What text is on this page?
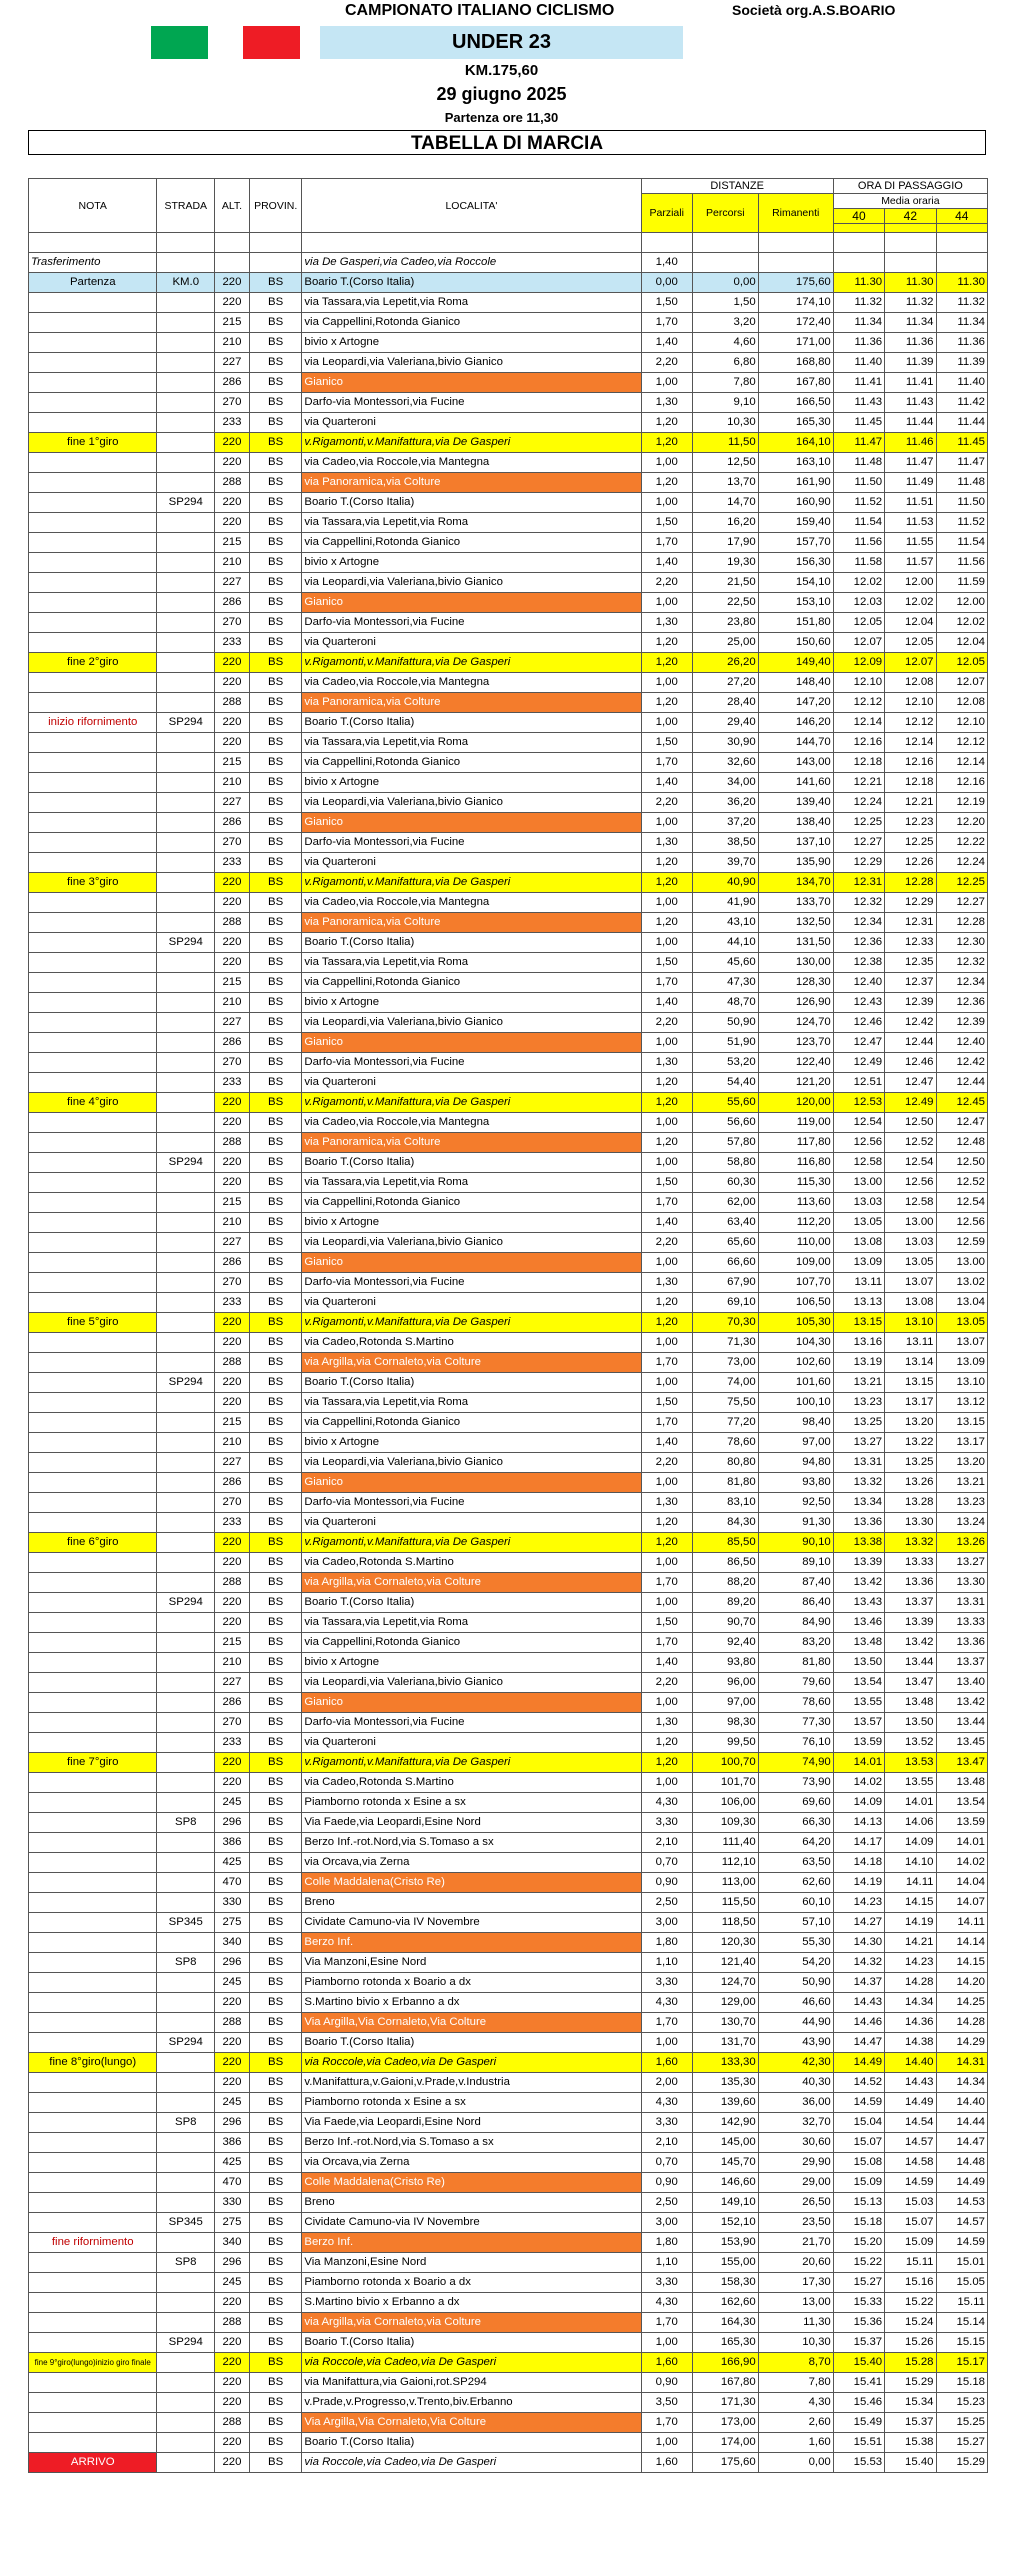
CAMPIONATO ITALIANO CICLISMO	Società org.A.S.BOARIO
UNDER 23
KM.175,60
29 giugno 2025
Partenza ore 11,30
TABELLA DI MARCIA
NOTA	STRADA	ALT.	PROVIN.	LOCALITA'	DISTANZE			ORA DI PASSAGGIO		
					Parziali	Percorsi	Rimanenti	Media oraria		
								40	42	44

Trasferimento				via De Gasperi,via Cadeo,via Roccole	1,40					
Partenza	KM.0	220	BS	Boario T.(Corso Italia)	0,00	0,00	175,60	11.30	11.30	11.30
		220	BS	via Tassara,via Lepetit,via Roma	1,50	1,50	174,10	11.32	11.32	11.32
		215	BS	via Cappellini,Rotonda Gianico	1,70	3,20	172,40	11.34	11.34	11.34
		210	BS	bivio x Artogne	1,40	4,60	171,00	11.36	11.36	11.36
		227	BS	via Leopardi,via Valeriana,bivio Gianico	2,20	6,80	168,80	11.40	11.39	11.39
		286	BS	Gianico	1,00	7,80	167,80	11.41	11.41	11.40
		270	BS	Darfo-via Montessori,via Fucine	1,30	9,10	166,50	11.43	11.43	11.42
		233	BS	via Quarteroni	1,20	10,30	165,30	11.45	11.44	11.44
fine 1°giro		220	BS	v.Rigamonti,v.Manifattura,via De Gasperi	1,20	11,50	164,10	11.47	11.46	11.45
		220	BS	via Cadeo,via Roccole,via Mantegna	1,00	12,50	163,10	11.48	11.47	11.47
		288	BS	via Panoramica,via Colture	1,20	13,70	161,90	11.50	11.49	11.48
	SP294	220	BS	Boario T.(Corso Italia)	1,00	14,70	160,90	11.52	11.51	11.50
		220	BS	via Tassara,via Lepetit,via Roma	1,50	16,20	159,40	11.54	11.53	11.52
		215	BS	via Cappellini,Rotonda Gianico	1,70	17,90	157,70	11.56	11.55	11.54
		210	BS	bivio x Artogne	1,40	19,30	156,30	11.58	11.57	11.56
		227	BS	via Leopardi,via Valeriana,bivio Gianico	2,20	21,50	154,10	12.02	12.00	11.59
		286	BS	Gianico	1,00	22,50	153,10	12.03	12.02	12.00
		270	BS	Darfo-via Montessori,via Fucine	1,30	23,80	151,80	12.05	12.04	12.02
		233	BS	via Quarteroni	1,20	25,00	150,60	12.07	12.05	12.04
fine 2°giro		220	BS	v.Rigamonti,v.Manifattura,via De Gasperi	1,20	26,20	149,40	12.09	12.07	12.05
		220	BS	via Cadeo,via Roccole,via Mantegna	1,00	27,20	148,40	12.10	12.08	12.07
		288	BS	via Panoramica,via Colture	1,20	28,40	147,20	12.12	12.10	12.08
inizio rifornimento	SP294	220	BS	Boario T.(Corso Italia)	1,00	29,40	146,20	12.14	12.12	12.10
		220	BS	via Tassara,via Lepetit,via Roma	1,50	30,90	144,70	12.16	12.14	12.12
		215	BS	via Cappellini,Rotonda Gianico	1,70	32,60	143,00	12.18	12.16	12.14
		210	BS	bivio x Artogne	1,40	34,00	141,60	12.21	12.18	12.16
		227	BS	via Leopardi,via Valeriana,bivio Gianico	2,20	36,20	139,40	12.24	12.21	12.19
		286	BS	Gianico	1,00	37,20	138,40	12.25	12.23	12.20
		270	BS	Darfo-via Montessori,via Fucine	1,30	38,50	137,10	12.27	12.25	12.22
		233	BS	via Quarteroni	1,20	39,70	135,90	12.29	12.26	12.24
fine 3°giro		220	BS	v.Rigamonti,v.Manifattura,via De Gasperi	1,20	40,90	134,70	12.31	12.28	12.25
		220	BS	via Cadeo,via Roccole,via Mantegna	1,00	41,90	133,70	12.32	12.29	12.27
		288	BS	via Panoramica,via Colture	1,20	43,10	132,50	12.34	12.31	12.28
	SP294	220	BS	Boario T.(Corso Italia)	1,00	44,10	131,50	12.36	12.33	12.30
		220	BS	via Tassara,via Lepetit,via Roma	1,50	45,60	130,00	12.38	12.35	12.32
		215	BS	via Cappellini,Rotonda Gianico	1,70	47,30	128,30	12.40	12.37	12.34
		210	BS	bivio x Artogne	1,40	48,70	126,90	12.43	12.39	12.36
		227	BS	via Leopardi,via Valeriana,bivio Gianico	2,20	50,90	124,70	12.46	12.42	12.39
		286	BS	Gianico	1,00	51,90	123,70	12.47	12.44	12.40
		270	BS	Darfo-via Montessori,via Fucine	1,30	53,20	122,40	12.49	12.46	12.42
		233	BS	via Quarteroni	1,20	54,40	121,20	12.51	12.47	12.44
fine 4°giro		220	BS	v.Rigamonti,v.Manifattura,via De Gasperi	1,20	55,60	120,00	12.53	12.49	12.45
		220	BS	via Cadeo,via Roccole,via Mantegna	1,00	56,60	119,00	12.54	12.50	12.47
		288	BS	via Panoramica,via Colture	1,20	57,80	117,80	12.56	12.52	12.48
	SP294	220	BS	Boario T.(Corso Italia)	1,00	58,80	116,80	12.58	12.54	12.50
		220	BS	via Tassara,via Lepetit,via Roma	1,50	60,30	115,30	13.00	12.56	12.52
		215	BS	via Cappellini,Rotonda Gianico	1,70	62,00	113,60	13.03	12.58	12.54
		210	BS	bivio x Artogne	1,40	63,40	112,20	13.05	13.00	12.56
		227	BS	via Leopardi,via Valeriana,bivio Gianico	2,20	65,60	110,00	13.08	13.03	12.59
		286	BS	Gianico	1,00	66,60	109,00	13.09	13.05	13.00
		270	BS	Darfo-via Montessori,via Fucine	1,30	67,90	107,70	13.11	13.07	13.02
		233	BS	via Quarteroni	1,20	69,10	106,50	13.13	13.08	13.04
fine 5°giro		220	BS	v.Rigamonti,v.Manifattura,via De Gasperi	1,20	70,30	105,30	13.15	13.10	13.05
		220	BS	via Cadeo,Rotonda S.Martino	1,00	71,30	104,30	13.16	13.11	13.07
		288	BS	via Argilla,via Cornaleto,via Colture	1,70	73,00	102,60	13.19	13.14	13.09
	SP294	220	BS	Boario T.(Corso Italia)	1,00	74,00	101,60	13.21	13.15	13.10
		220	BS	via Tassara,via Lepetit,via Roma	1,50	75,50	100,10	13.23	13.17	13.12
		215	BS	via Cappellini,Rotonda Gianico	1,70	77,20	98,40	13.25	13.20	13.15
		210	BS	bivio x Artogne	1,40	78,60	97,00	13.27	13.22	13.17
		227	BS	via Leopardi,via Valeriana,bivio Gianico	2,20	80,80	94,80	13.31	13.25	13.20
		286	BS	Gianico	1,00	81,80	93,80	13.32	13.26	13.21
		270	BS	Darfo-via Montessori,via Fucine	1,30	83,10	92,50	13.34	13.28	13.23
		233	BS	via Quarteroni	1,20	84,30	91,30	13.36	13.30	13.24
fine 6°giro		220	BS	v.Rigamonti,v.Manifattura,via De Gasperi	1,20	85,50	90,10	13.38	13.32	13.26
		220	BS	via Cadeo,Rotonda S.Martino	1,00	86,50	89,10	13.39	13.33	13.27
		288	BS	via Argilla,via Cornaleto,via Colture	1,70	88,20	87,40	13.42	13.36	13.30
	SP294	220	BS	Boario T.(Corso Italia)	1,00	89,20	86,40	13.43	13.37	13.31
		220	BS	via Tassara,via Lepetit,via Roma	1,50	90,70	84,90	13.46	13.39	13.33
		215	BS	via Cappellini,Rotonda Gianico	1,70	92,40	83,20	13.48	13.42	13.36
		210	BS	bivio x Artogne	1,40	93,80	81,80	13.50	13.44	13.37
		227	BS	via Leopardi,via Valeriana,bivio Gianico	2,20	96,00	79,60	13.54	13.47	13.40
		286	BS	Gianico	1,00	97,00	78,60	13.55	13.48	13.42
		270	BS	Darfo-via Montessori,via Fucine	1,30	98,30	77,30	13.57	13.50	13.44
		233	BS	via Quarteroni	1,20	99,50	76,10	13.59	13.52	13.45
fine 7°giro		220	BS	v.Rigamonti,v.Manifattura,via De Gasperi	1,20	100,70	74,90	14.01	13.53	13.47
		220	BS	via Cadeo,Rotonda S.Martino	1,00	101,70	73,90	14.02	13.55	13.48
		245	BS	Piamborno rotonda x Esine a sx	4,30	106,00	69,60	14.09	14.01	13.54
	SP8	296	BS	Via Faede,via Leopardi,Esine Nord	3,30	109,30	66,30	14.13	14.06	13.59
		386	BS	Berzo Inf.-rot.Nord,via S.Tomaso a sx	2,10	111,40	64,20	14.17	14.09	14.01
		425	BS	via Orcava,via Zerna	0,70	112,10	63,50	14.18	14.10	14.02
		470	BS	Colle Maddalena(Cristo Re)	0,90	113,00	62,60	14.19	14.11	14.04
		330	BS	Breno	2,50	115,50	60,10	14.23	14.15	14.07
	SP345	275	BS	Cividate Camuno-via IV Novembre	3,00	118,50	57,10	14.27	14.19	14.11
		340	BS	Berzo Inf.	1,80	120,30	55,30	14.30	14.21	14.14
	SP8	296	BS	Via Manzoni,Esine Nord	1,10	121,40	54,20	14.32	14.23	14.15
		245	BS	Piamborno rotonda x Boario a dx	3,30	124,70	50,90	14.37	14.28	14.20
		220	BS	S.Martino bivio x Erbanno a dx	4,30	129,00	46,60	14.43	14.34	14.25
		288	BS	Via Argilla,Via Cornaleto,Via Colture	1,70	130,70	44,90	14.46	14.36	14.28
	SP294	220	BS	Boario T.(Corso Italia)	1,00	131,70	43,90	14.47	14.38	14.29
fine 8°giro(lungo)		220	BS	via Roccole,via Cadeo,via De Gasperi	1,60	133,30	42,30	14.49	14.40	14.31
		220	BS	v.Manifattura,v.Gaioni,v.Prade,v.Industria	2,00	135,30	40,30	14.52	14.43	14.34
		245	BS	Piamborno rotonda x Esine a sx	4,30	139,60	36,00	14.59	14.49	14.40
	SP8	296	BS	Via Faede,via Leopardi,Esine Nord	3,30	142,90	32,70	15.04	14.54	14.44
		386	BS	Berzo Inf.-rot.Nord,via S.Tomaso a sx	2,10	145,00	30,60	15.07	14.57	14.47
		425	BS	via Orcava,via Zerna	0,70	145,70	29,90	15.08	14.58	14.48
		470	BS	Colle Maddalena(Cristo Re)	0,90	146,60	29,00	15.09	14.59	14.49
		330	BS	Breno	2,50	149,10	26,50	15.13	15.03	14.53
	SP345	275	BS	Cividate Camuno-via IV Novembre	3,00	152,10	23,50	15.18	15.07	14.57
fine rifornimento		340	BS	Berzo Inf.	1,80	153,90	21,70	15.20	15.09	14.59
	SP8	296	BS	Via Manzoni,Esine Nord	1,10	155,00	20,60	15.22	15.11	15.01
		245	BS	Piamborno rotonda x Boario a dx	3,30	158,30	17,30	15.27	15.16	15.05
		220	BS	S.Martino bivio x Erbanno a dx	4,30	162,60	13,00	15.33	15.22	15.11
		288	BS	via Argilla,via Cornaleto,via Colture	1,70	164,30	11,30	15.36	15.24	15.14
	SP294	220	BS	Boario T.(Corso Italia)	1,00	165,30	10,30	15.37	15.26	15.15
fine 9°giro(lungo)inizio giro finale		220	BS	via Roccole,via Cadeo,via De Gasperi	1,60	166,90	8,70	15.40	15.28	15.17
		220	BS	via Manifattura,via Gaioni,rot.SP294	0,90	167,80	7,80	15.41	15.29	15.18
		220	BS	v.Prade,v.Progresso,v.Trento,biv.Erbanno	3,50	171,30	4,30	15.46	15.34	15.23
		288	BS	Via Argilla,Via Cornaleto,Via Colture	1,70	173,00	2,60	15.49	15.37	15.25
		220	BS	Boario T.(Corso Italia)	1,00	174,00	1,60	15.51	15.38	15.27
ARRIVO		220	BS	via Roccole,via Cadeo,via De Gasperi	1,60	175,60	0,00	15.53	15.40	15.29
